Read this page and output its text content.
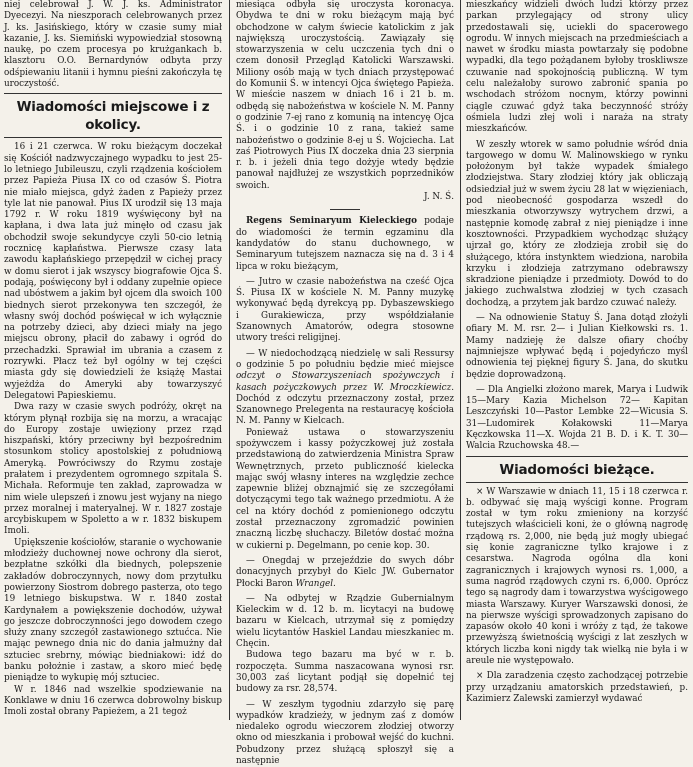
niej celebrował J. W. J. ks. Administrator Dyecezyi. Na nieszporach celebrowanych przez J. ks. Jasińskiego, który w czasie sumy miał kazanie, J. ks. Siemiński wypowiedział stosowną naukę, po czem procesya po krużgankach b. klasztoru O.O. Bernardynów odbyta przy odśpiewaniu litanii i hymnu pieśni zakończyła tę uroczystość.

Wiadomości miejscowe i z okolicy.

16 i 21 czerwca. W roku bieżącym doczekał się Kościół nadzwyczajnego wypadku to jest 25-lo letniego Jubileuszu, czyli rządzenia kościołem przez Papieża Piusa IX co od czasów Ś. Piotra nie miało miejsca, gdyż żaden z Papieży przez tyle lat nie panował. Pius IX urodził się 13 maja 1792 r. W roku 1819 wyświęcony był na kapłana, i dwa lata już minęło od czasu jak obchodził swoje sekundycye czyli 50-cio letnią rocznicę kapłaństwa. Pierwsze czasy lata zawodu kapłańskiego przepędził w cichej pracy w domu sierot i jak wszyscy biografowie Ojca Ś. podają, poświęcony był i oddany zupełnie opiece nad ubóstwem a jakim był ojcem dla swoich 100 biednych sierot przekonywa ten szczegół, że własny swój dochód poświęcał w ich wyłącznie na potrzeby dzieci, aby dzieci miały na jego miejscu obrony, płacił do zabawy i ogród do przechadzki. Sprawiał im ubrania a czasem z rozrywki. Płacz też był ogólny w tej części miasta gdy się dowiedzieli że książę Mastai wyjeżdża do Ameryki aby towarzyszyć Delegatowi Papieskiemu.

Dwa razy w czasie swych podróży, okręt na którym płynął rozbija się na morzu, a wracając do Europy zostaje uwięziony przez rząd hiszpański, który przeciwny był bezpośrednim stosunkom stolicy apostolskiej z południową Ameryką. Powróciwszy do Rzymu zostaje prałatem i prezydentem ogromnego szpitala Ś. Michała. Reformuje ten zakład, zaprowadza w nim wiele ulepszeń i znowu jest wyjany na niego przez moralnej i materyalnej. W r. 1827 zostaje arcybiskupem w Spoletto a w r. 1832 biskupem Imoli.

Upiększenie kościołów, staranie o wychowanie młodzieży duchownej nowe ochrony dla sierot, bezpłatne szkółki dla biednych, polepszenie zakładów dobroczynnych, nowy dom przytułku powierzony Siostrom dobrego pasterza, oto tego 19 letniego biskupstwa. W r. 1840 został Kardynałem a powiększenie dochodów, używał go jeszcze dobroczynności jego dowodem czego służy znany szczegół zastawionego sztućca. Nie mając pewnego dnia nic do dania jałmużny dał sztuciec srebrny, mówiąc biedniakowi: idź do banku położnie i zastaw, a skoro mieć będę pieniądze to wykupię mój sztuciec.

W r. 1846 nad wszelkie spodziewanie na Konklawe w dniu 16 czerwca dobrowolny biskup Imoli został obrany Papieżem, a 21 tegoż

miesiąca odbyła się uroczysta koronacya. Obydwa te dni w roku bieżącym mają być obchodzone w całym świecie katolickim z jak największą uroczystością. Zawiązały się stowarzyszenia w celu uczczenia tych dni o czem donosił Przegląd Katolicki Warszawski. Miliony osób mają w tych dniach przystępować do Komunii Ś. w intencyi Ojca świętego Papieża. W mieście naszem w dniach 16 i 21 b. m. odbędą się nabożeństwa w kościele N. M. Panny o godzinie 7-ej rano z komunią na intencyę Ojca Ś. i o godzinie 10 z rana, takież same nabożeństwo o godzinie 8-ej u Ś. Wojciecha. Lat zaś Piotrowych Pius IX doczeka dnia 23 sierpnia r. b. i jeżeli dnia tego dożyje wtedy będzie panował najdłużej ze wszystkich poprzedników swoich.

J. N. Ś.

Regens Seminaryum Kieleckiego podaje do wiadomości że termin egzaminu dla kandydatów do stanu duchownego, w Seminaryum tutejszem naznacza się na d. 3 i 4 lipca w roku bieżącym,

— Jutro w czasie nabożeństwa na cześć Ojca Ś. Piusa IX w kościele N. M. Panny muzykę wykonywać będą dyrekcyą pp. Dybaszewskiego i Gurakiewicza, przy współdziałanie Szanownych Amatorów, odegra stosowne utwory treści religijnej.

— W niedochodzącą niedzielę w sali Ressursy o godzinie 5 po południu będzie mieć miejsce odczyt o Stowarzyszeniach spożywczych i kasach pożyczkowych przez W. Mroczkiewicz. Dochód z odczytu przeznaczony został, przez Szanownego Prelegenta na restauracyę kościoła N. M. Panny w Kielcach.

Ponieważ ustawa o stowarzyszeniu spożywczem i kassy pożyczkowej już została przedstawioną do zatwierdzenia Ministra Spraw Wewnętrznych, przeto publiczność kielecka mając swój własny interes na względzie zechce zapewnie bliżej obznajmić się ze szczegółami dotyczącymi tego tak ważnego przedmiotu. A że cel na który dochód z pomienionego odczytu został przeznaczony zgromadzić powinien znaczną liczbę słuchaczy. Biletów dostać można w cukierni p. Degelmann, po cenie kop. 30.

— Onegdaj w przejeździe do swych dóbr donacyjnych przybył do Kielc JW. Gubernator Płocki Baron Wrangel.

— Na odbytej w Rządzie Gubernialnym Kieleckim w d. 12 b. m. licytacyi na budowę bazaru w Kielcach, utrzymał się z pomiędzy wielu licytantów Haskiel Landau mieszkaniec m. Chęcin.

Budowa tego bazaru ma być w r. b. rozpoczęta. Summa naszacowana wynosi rsr. 30,003 zaś licytant podjął się dopełnić tej budowy za rsr. 28,574.

— W zeszłym tygodniu zdarzyło się parę wypadków kradzieży, w jednym zaś z domów niedaleko ogrodu wieczorem złodziej otworzy okno od mieszkania i probował wejść do kuchni. Pobudzony przez służącą spłoszył się a następnie

mieszkańcy widzieli dwóch ludzi którzy przez parkan przylegający od strony ulicy przedostawali się, uciekli do spacerowego ogrodu. W innych miejscach na przedmieściach a nawet w środku miasta powtarzały się podobne wypadki, dla tego pożądanem byłoby troskliwsze czuwanie nad spokojnością publiczną. W tym celu należałoby surowo zabronić spania po wschodach stróżom nocnym, którzy powinni ciągle czuwać gdyż taka beczynność stróży ośmiela ludzi złej woli i naraża na straty mieszkańców.

W zeszły wtorek w samo południe wśród dnia targowego w domu W. Malinowskiego w rynku położonym był także wypadek śmiałego złodziejstwa. Stary złodziej który jak obliczają odsiedział już w swem życiu 28 lat w więzieniach, pod nieobecność gospodarza wszedł do mieszkania otworzywszy wytrychem drzwi, a następnie komodę zabrał z niej pieniądze i inne kosztowności. Przypadkiem wychodząc służący ujrzał go, który ze złodzieja zrobił się do służącego, która instynktem wiedziona, narobiła krzyku i złodzieja zatrzymano odebrawszy skradzione pieniądze i przedmioty. Dowód to do jakiego zuchwalstwa złodziej w tych czasach dochodzą, a przytem jak bardzo czuwać należy.

— Na odnowienie Statuy Ś. Jana dotąd złożyli ofiary M. M. rsr. 2— i Julian Kiełkowski rs. 1. Mamy nadzieję że dalsze ofiary choćby najmniejsze wpływać będą i pojedyńczo myśl odnowienia tej pięknej figury Ś. Jana, do skutku będzie doprowadzoną.

— Dla Angielki złożono marek, Marya i Ludwik 15—Mary Kazia Michelson 72— Kapitan Leszczyński 10—Pastor Lembke 22—Wicusia S. 31—Ludomirek Kołakowski 11—Marya Kęczkowska 11—X. Wojda 21 B. D. i K. T. 30—Walcia Rzuchowska 48.—

Wiadomości bieżące.

× W Warszawie w dniach 11, 15 i 18 czerwca r. b. odbywać się mają wyścigi konne. Program został w tym roku zmieniony na korzyść tutejszych właścicieli koni, że o główną nagrodę rządową rs. 2,000, nie będą już mogły ubiegać się konie zagraniczne tylko krajowe i z cesarstwa. Nagroda ogólna dla koni zagranicznych i krajowych wynosi rs. 1,000, a suma nagród rządowych czyni rs. 6,000. Oprócz tego są nagrody dam i towarzystwa wyścigowego miasta Warszawy. Kuryer Warszawski donosi, że na pierwsze wyścigi sprowadzonych zapisano do zapasów około 40 koni i wróży z tąd, że takowe przewyższą świetnością wyścigi z lat zeszłych w których liczba koni nigdy tak wielką nie była i w areule nie występowało.

× Dla zaradzenia często zachodzącej potrzebie przy urządzaniu amatorskich przedstawień, p. Kazimierz Zalewski zamierzył wydawać
